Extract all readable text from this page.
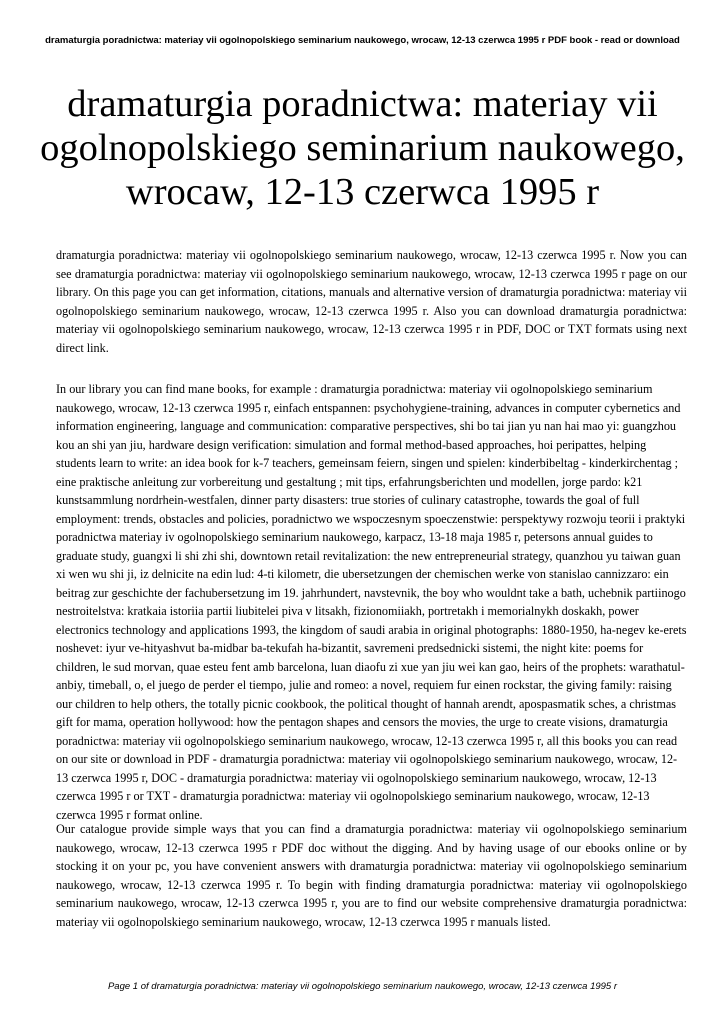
dramaturgia poradnictwa: materiay vii ogolnopolskiego seminarium naukowego, wrocaw, 12-13 czerwca 1995 r PDF book - read or download
dramaturgia poradnictwa: materiay vii ogolnopolskiego seminarium naukowego, wrocaw, 12-13 czerwca 1995 r

dramaturgia poradnictwa: materiay vii ogolnopolskiego seminarium naukowego, wrocaw, 12-13 czerwca 1995 r. Now you can see dramaturgia poradnictwa: materiay vii ogolnopolskiego seminarium naukowego, wrocaw, 12-13 czerwca 1995 r page on our library. On this page you can get information, citations, manuals and alternative version of dramaturgia poradnictwa: materiay vii ogolnopolskiego seminarium naukowego, wrocaw, 12-13 czerwca 1995 r. Also you can download dramaturgia poradnictwa: materiay vii ogolnopolskiego seminarium naukowego, wrocaw, 12-13 czerwca 1995 r in PDF, DOC or TXT formats using next direct link.

In our library you can find mane books, for example : dramaturgia poradnictwa: materiay vii ogolnopolskiego seminarium naukowego, wrocaw, 12-13 czerwca 1995 r, einfach entspannen: psychohygiene-training, advances in computer cybernetics and information engineering, language and communication: comparative perspectives, shi bo tai jian yu nan hai mao yi: guangzhou kou an shi yan jiu, hardware design verification: simulation and formal method-based approaches, hoi peripattes, helping students learn to write: an idea book for k-7 teachers, gemeinsam feiern, singen und spielen: kinderbibeltag - kinderkirchentag ; eine praktische anleitung zur vorbereitung und gestaltung ; mit tips, erfahrungsberichten und modellen, jorge pardo: k21 kunstsammlung nordrhein-westfalen, dinner party disasters: true stories of culinary catastrophe, towards the goal of full employment: trends, obstacles and policies, poradnictwo we wspoczesnym spoeczenstwie: perspektywy rozwoju teorii i praktyki poradnictwa materiay iv ogolnopolskiego seminarium naukowego, karpacz, 13-18 maja 1985 r, petersons annual guides to graduate study, guangxi li shi zhi shi, downtown retail revitalization: the new entrepreneurial strategy, quanzhou yu taiwan guan xi wen wu shi ji, iz delnicite na edin lud: 4-ti kilometr, die ubersetzungen der chemischen werke von stanislao cannizzaro: ein beitrag zur geschichte der fachubersetzung im 19. jahrhundert, navstevnik, the boy who wouldnt take a bath, uchebnik partiinogo nestroitelstva: kratkaia istoriia partii liubitelei piva v litsakh, fizionomiiakh, portretakh i memorialnykh doskakh, power electronics technology and applications 1993, the kingdom of saudi arabia in original photographs: 1880-1950, ha-negev ke-erets noshevet: iyur ve-hityashvut ba-midbar ba-tekufah ha-bizantit, savremeni predsednicki sistemi, the night kite: poems for children, le sud morvan, quae esteu fent amb barcelona, luan diaofu zi xue yan jiu wei kan gao, heirs of the prophets: warathatul-anbiy, timeball, o, el juego de perder el tiempo, julie and romeo: a novel, requiem fur einen rockstar, the giving family: raising our children to help others, the totally picnic cookbook, the political thought of hannah arendt, apospasmatik sches, a christmas gift for mama, operation hollywood: how the pentagon shapes and censors the movies, the urge to create visions, dramaturgia poradnictwa: materiay vii ogolnopolskiego seminarium naukowego, wrocaw, 12-13 czerwca 1995 r, all this books you can read on our site or download in PDF - dramaturgia poradnictwa: materiay vii ogolnopolskiego seminarium naukowego, wrocaw, 12-13 czerwca 1995 r, DOC - dramaturgia poradnictwa: materiay vii ogolnopolskiego seminarium naukowego, wrocaw, 12-13 czerwca 1995 r or TXT - dramaturgia poradnictwa: materiay vii ogolnopolskiego seminarium naukowego, wrocaw, 12-13 czerwca 1995 r format online.

Our catalogue provide simple ways that you can find a dramaturgia poradnictwa: materiay vii ogolnopolskiego seminarium naukowego, wrocaw, 12-13 czerwca 1995 r PDF doc without the digging. And by having usage of our ebooks online or by stocking it on your pc, you have convenient answers with dramaturgia poradnictwa: materiay vii ogolnopolskiego seminarium naukowego, wrocaw, 12-13 czerwca 1995 r. To begin with finding dramaturgia poradnictwa: materiay vii ogolnopolskiego seminarium naukowego, wrocaw, 12-13 czerwca 1995 r, you are to find our website comprehensive dramaturgia poradnictwa: materiay vii ogolnopolskiego seminarium naukowego, wrocaw, 12-13 czerwca 1995 r manuals listed.

Page 1 of dramaturgia poradnictwa: materiay vii ogolnopolskiego seminarium naukowego, wrocaw, 12-13 czerwca 1995 r
